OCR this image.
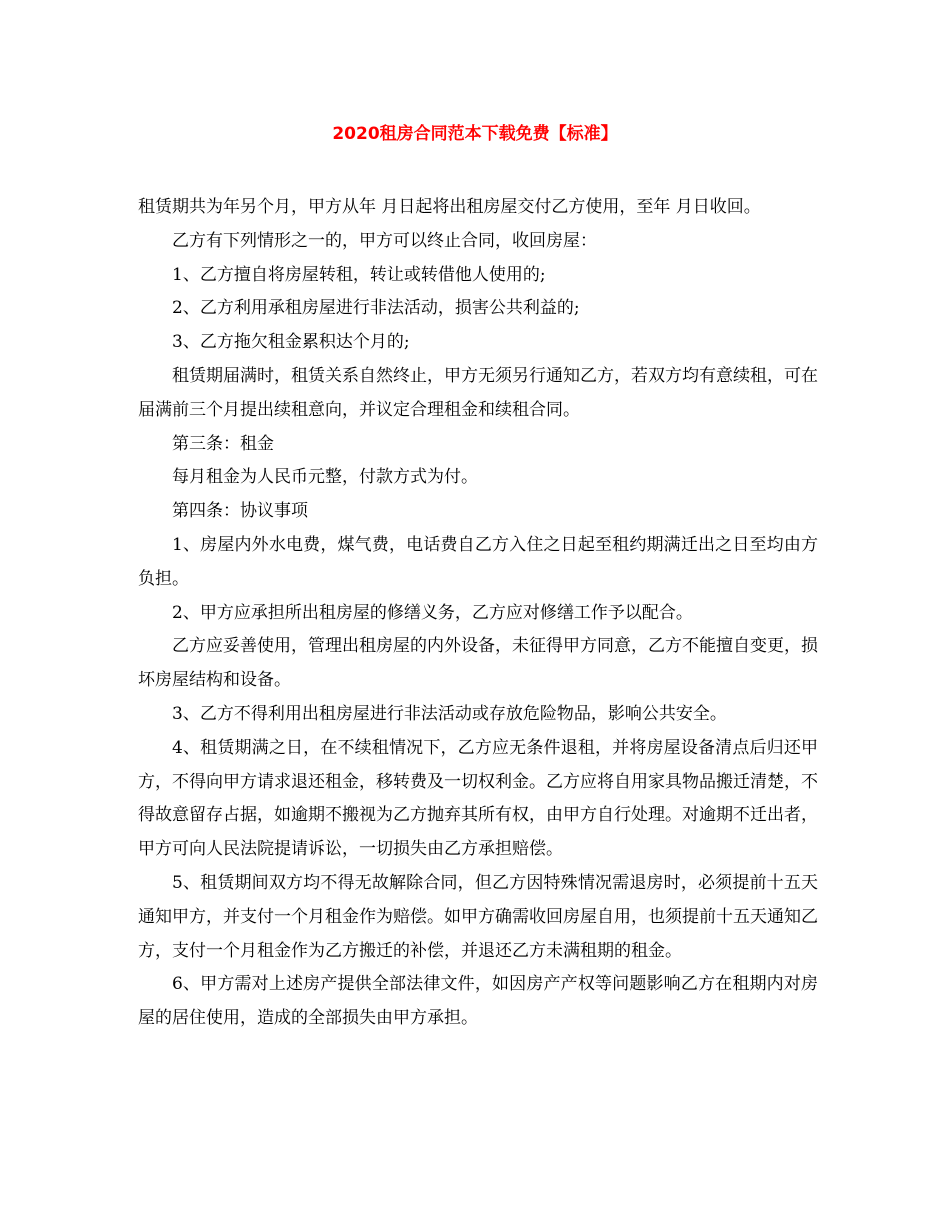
2020租房合同范本下载免费【标准】

租赁期共为年另个月，甲方从年 月日起将出租房屋交付乙方使用，至年 月日收回。

乙方有下列情形之一的，甲方可以终止合同，收回房屋：

1、乙方擅自将房屋转租，转让或转借他人使用的;

2、乙方利用承租房屋进行非法活动，损害公共利益的;

3、乙方拖欠租金累积达个月的;

租赁期届满时，租赁关系自然终止，甲方无须另行通知乙方，若双方均有意续租，可在届满前三个月提出续租意向，并议定合理租金和续租合同。

第三条：租金

每月租金为人民币元整，付款方式为付。

第四条：协议事项

1、房屋内外水电费，煤气费，电话费自乙方入住之日起至租约期满迁出之日至均由方负担。

2、甲方应承担所出租房屋的修缮义务，乙方应对修缮工作予以配合。

乙方应妥善使用，管理出租房屋的内外设备，未征得甲方同意，乙方不能擅自变更，损坏房屋结构和设备。

3、乙方不得利用出租房屋进行非法活动或存放危险物品，影响公共安全。

4、租赁期满之日，在不续租情况下，乙方应无条件退租，并将房屋设备清点后归还甲方，不得向甲方请求退还租金，移转费及一切权利金。乙方应将自用家具物品搬迁清楚，不得故意留存占据，如逾期不搬视为乙方抛弃其所有权，由甲方自行处理。对逾期不迁出者，甲方可向人民法院提请诉讼，一切损失由乙方承担赔偿。

5、租赁期间双方均不得无故解除合同，但乙方因特殊情况需退房时，必须提前十五天通知甲方，并支付一个月租金作为赔偿。如甲方确需收回房屋自用，也须提前十五天通知乙方，支付一个月租金作为乙方搬迁的补偿，并退还乙方未满租期的租金。

6、甲方需对上述房产提供全部法律文件，如因房产产权等问题影响乙方在租期内对房屋的居住使用，造成的全部损失由甲方承担。
